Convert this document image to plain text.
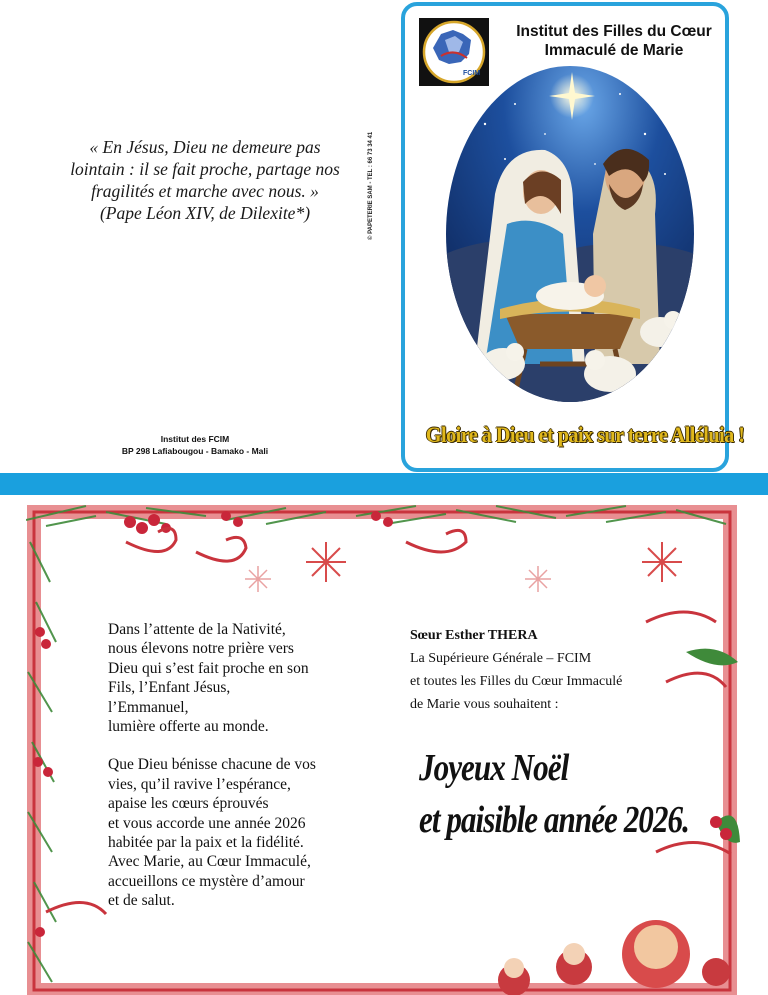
« En Jésus, Dieu ne demeure pas
lointain : il se fait proche, partage nos
fragilités et marche avec nous. »
(Pape Léon XIV, de Dilexite*)	© PAPETERIE SAM - TEL : 66 73 34 41
Institut des FCIM
BP 298 Lafiabougou - Bamako - Mali
FCIM
Institut des Filles du Cœur
Immaculé de Marie
Gloire à Dieu et paix sur terre Alléluia !
Dans l’attente de la Nativité,
nous élevons notre prière vers
Dieu qui s’est fait proche en son
Fils, l’Enfant Jésus,
l’Emmanuel,
lumière offerte au monde.
Que Dieu bénisse chacune de vos
vies, qu’il ravive l’espérance,
apaise les cœurs éprouvés
et vous accorde une année 2026
habitée par la paix et la fidélité.
Avec Marie, au Cœur Immaculé,
accueillons ce mystère d’amour
et de salut.
Sœur Esther THERA
La Supérieure Générale – FCIM
et toutes les Filles du Cœur Immaculé
de Marie vous souhaitent :
Joyeux Noël
et paisible année 2026.
